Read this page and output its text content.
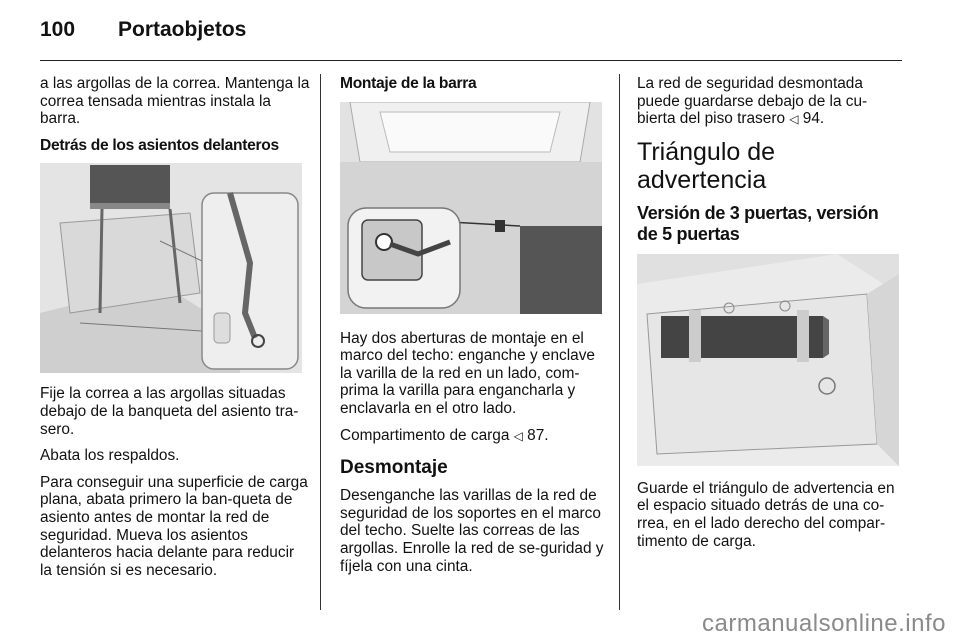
100 Portaobjetos

a las argollas de la correa. Mantenga la correa tensada mientras instala la barra.

Detrás de los asientos delanteros

Fije la correa a las argollas situadas debajo de la banqueta del asiento tra-sero.

Abata los respaldos.

Para conseguir una superficie de carga plana, abata primero la ban-queta de asiento antes de montar la red de seguridad. Mueva los asientos delanteros hacia delante para reducir la tensión si es necesario.

Montaje de la barra

Hay dos aberturas de montaje en el marco del techo: enganche y enclave la varilla de la red en un lado, com-prima la varilla para engancharla y enclavarla en el otro lado.

Compartimento de carga ◁ 87.

Desmontaje

Desenganche las varillas de la red de seguridad de los soportes en el marco del techo. Suelte las correas de las argollas. Enrolle la red de se-guridad y fíjela con una cinta.

La red de seguridad desmontada puede guardarse debajo de la cu-bierta del piso trasero ◁ 94.

Triángulo de advertencia

Versión de 3 puertas, versión de 5 puertas

Guarde el triángulo de advertencia en el espacio situado detrás de una co-rrea, en el lado derecho del compar-timento de carga.

carmanualsonline.info
